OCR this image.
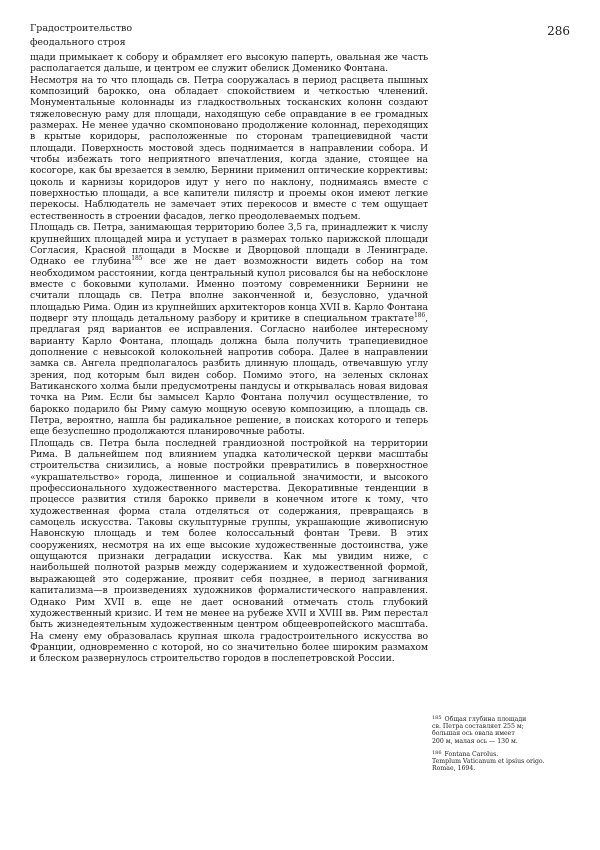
Градостроительство
феодального строя
286

щади примыкает к собору и обрамляет его высокую паперть, овальная же часть располагается дальше, и центром ее служит обелиск Доменико Фонтана.

Несмотря на то что площадь св. Петра сооружалась в период расцвета пышных композиций барокко, она обладает спокойствием и четкостью членений. Монументальные колоннады из гладкоствольных тосканских колонн создают тяжеловесную раму для площади, находящую себе оправдание в ее громадных размерах. Не менее удачно скомпоновано продолжение колоннад, переходящих в крытые коридоры, расположенные по сторонам трапециевидной части площади. Поверхность мостовой здесь поднимается в направлении собора. И чтобы избежать того неприятного впечатления, когда здание, стоящее на косогоре, как бы врезается в землю, Бернини применил оптические коррективы: цоколь и карнизы коридоров идут у него по наклону, поднимаясь вместе с поверхностью площади, а все капители пилястр и проемы окон имеют легкие перекосы. Наблюдатель не замечает этих перекосов и вместе с тем ощущает естественность в строении фасадов, легко преодолеваемых подъем.

Площадь св. Петра, занимающая территорию более 3,5 га, принадлежит к числу крупнейших площадей мира и уступает в размерах только парижской площади Согласия, Красной площади в Москве и Дворцовой площади в Ленинграде. Однако ее глубина$^{185}$ все же не дает возможности видеть собор на том необходимом расстоянии, когда центральный купол рисовался бы на небосклоне вместе с боковыми куполами. Именно поэтому современники Бернини не считали площадь св. Петра вполне законченной и, безусловно, удачной площадью Рима. Один из крупнейших архитекторов конца XVII в. Карло Фонтана подверг эту площадь детальному разбору и критике в специальном трактате$^{186}$, предлагая ряд вариантов ее исправления. Согласно наиболее интересному варианту Карло Фонтана, площадь должна была получить трапециевидное дополнение с невысокой колокольней напротив собора. Далее в направлении замка св. Ангела предполагалось разбить длинную площадь, отвечавшую углу зрения, под которым был виден собор. Помимо этого, на зеленых склонах Ватиканского холма были предусмотрены пандусы и открывалась новая видовая точка на Рим. Если бы замысел Карло Фонтана получил осуществление, то барокко подарило бы Риму самую мощную осевую композицию, а площадь св. Петра, вероятно, нашла бы радикальное решение, в поисках которого и теперь еще безуспешно продолжаются планировочные работы.

Площадь св. Петра была последней грандиозной постройкой на территории Рима. В дальнейшем под влиянием упадка католической церкви масштабы строительства снизились, а новые постройки превратились в поверхностное «украшательство» города, лишенное и социальной значимости, и высокого профессионального художественного мастерства. Декоративные тенденции в процессе развития стиля барокко привели в конечном итоге к тому, что художественная форма стала отделяться от содержания, превращаясь в самоцель искусства. Таковы скульптурные группы, украшающие живописную Навонскую площадь и тем более колоссальный фонтан Треви. В этих сооружениях, несмотря на их еще высокие художественные достоинства, уже ощущаются признаки деградации искусства. Как мы увидим ниже, с наибольшей полнотой разрыв между содержанием и художественной формой, выражающей это содержание, проявит себя позднее, в период загнивания капитализма—в произведениях художников формалистического направления. Однако Рим XVII в. еще не дает оснований отмечать столь глубокий художественный кризис. И тем не менее на рубеже XVII и XVIII вв. Рим перестал быть жизнедеятельным художественным центром общеевропейского масштаба. На смену ему образовалась крупная школа градостроительного искусства во Франции, одновременно с которой, но со значительно более широким размахом и блеском развернулось строительство городов в послепетровской России.

$^{185}$ Общая глубина площади
св. Петра составляет 255 м;
большая ось овала имеет
200 м, малая ось — 130 м.
$^{186}$ Fontana Carolus.
Templum Vaticanum et ipsius origo.
Romae, 1694.
